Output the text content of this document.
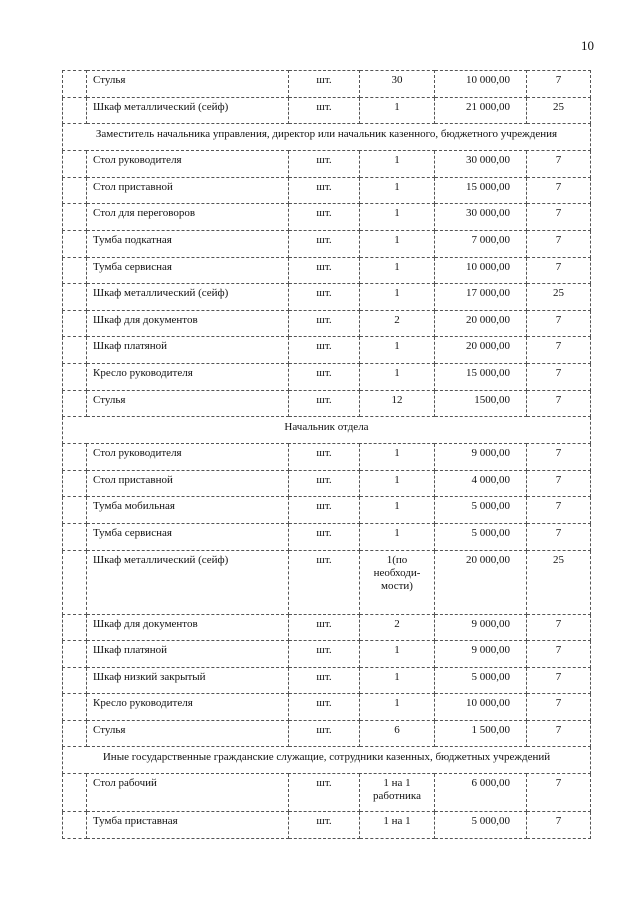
10
	Стулья	шт.	30	10 000,00	7
	Шкаф металлический (сейф)	шт.	1	21 000,00	25
Заместитель начальника управления, директор или начальник казенного, бюджетного учреждения					
	Стол руководителя	шт.	1	30 000,00	7
	Стол приставной	шт.	1	15 000,00	7
	Стол для переговоров	шт.	1	30 000,00	7
	Тумба подкатная	шт.	1	7 000,00	7
	Тумба сервисная	шт.	1	10 000,00	7
	Шкаф металлический (сейф)	шт.	1	17 000,00	25
	Шкаф для документов	шт.	2	20 000,00	7
	Шкаф платяной	шт.	1	20 000,00	7
	Кресло руководителя	шт.	1	15 000,00	7
	Стулья	шт.	12	1500,00	7
Начальник отдела					
	Стол руководителя	шт.	1	9 000,00	7
	Стол приставной	шт.	1	4 000,00	7
	Тумба мобильная	шт.	1	5 000,00	7
	Тумба сервисная	шт.	1	5 000,00	7
	Шкаф металлический (сейф)	шт.	1(по
необходи-
мости)	20 000,00	25
	Шкаф для документов	шт.	2	9 000,00	7
	Шкаф платяной	шт.	1	9 000,00	7
	Шкаф низкий закрытый	шт.	1	5 000,00	7
	Кресло руководителя	шт.	1	10 000,00	7
	Стулья	шт.	6	1 500,00	7
Иные государственные гражданские служащие, сотрудники казенных, бюджетных учреждений					
	Стол рабочий	шт.	1 на 1
работника	6 000,00	7
	Тумба приставная	шт.	1 на 1	5 000,00	7
